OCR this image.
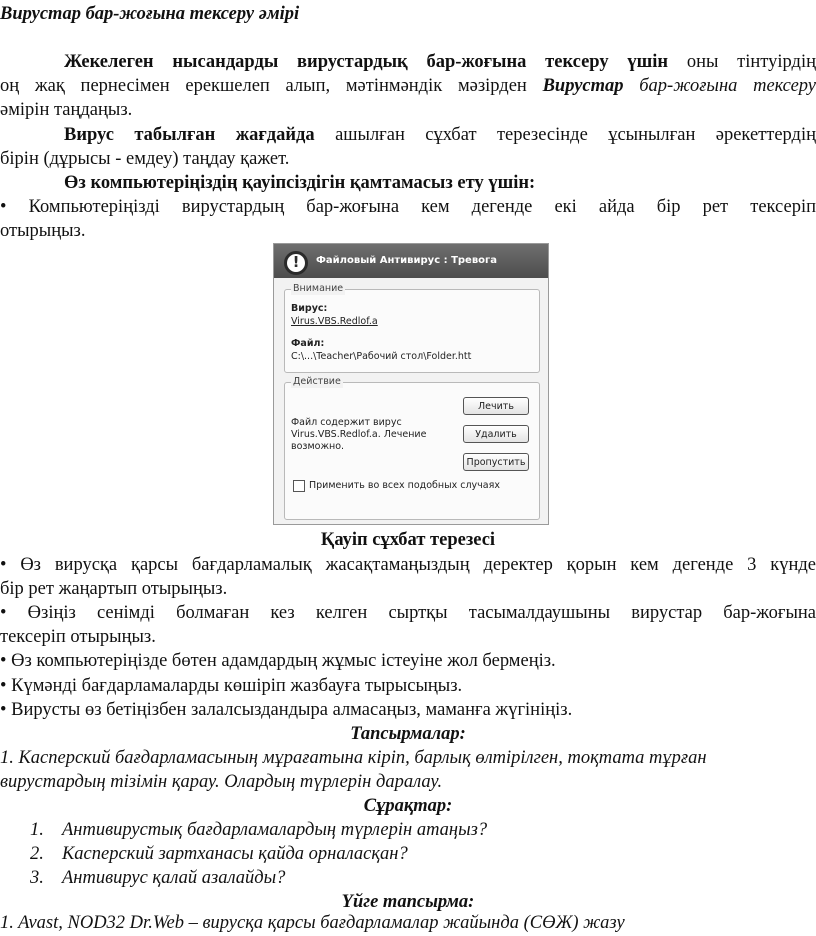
Вирустар бар-жоғына тексеру әмірі
Жекелеген нысандарды вирустардық бар-жоғына тексеру үшін оны тінтуірдің
оң жақ пернесімен ерекшелеп алып, мәтінмәндік мәзірден Вирустар бар-жоғына тексеру
әмірін таңдаңыз.
Вирус табылған жағдайда ашылған сұхбат терезесінде ұсынылған әрекеттердің
бірін (дұрысы - емдеу) таңдау қажет.
Өз компьютеріңіздің қауіпсіздігін қамтамасыз ету үшін:
• Компьютеріңізді вирустардың бар-жоғына кем дегенде екі айда бір рет тексеріп
отырыңыз.
Файловый Антивирус : Тревога
!
Внимание
Вирус:
Virus.VBS.Redlof.a
Файл:
C:\...\Teacher\Рабочий стол\Folder.htt
Действие
Файл содержит вирус
Virus.VBS.Redlof.a. Лечение
возможно.
Лечить
Удалить
Пропустить
Применить во всех подобных случаях
Қауіп сұхбат терезесі
• Өз вирусқа қарсы бағдарламалық жасақтамаңыздың деректер қорын кем дегенде 3 күнде
бір рет жаңартып отырыңыз.
• Өзіңіз сенімді болмаған кез келген сыртқы тасымалдаушыны вирустар бар-жоғына
тексеріп отырыңыз.
• Өз компьютеріңізде бөтен адамдардың жұмыс істеуіне жол бермеңіз.
• Күмәнді бағдарламаларды көшіріп жазбауға тырысыңыз.
• Вирусты өз бетіңізбен залалсыздандыра алмасаңыз, маманға жүгініңіз.
Тапсырмалар:
1. Касперский бағдарламасының мұрағатына кіріп, барлық өлтірілген, тоқтата тұрған
вирустардың тізімін қарау. Олардың түрлерін даралау.
Сұрақтар:
1. Антивирустық бағдарламалардың түрлерін атаңыз?
2. Касперский зартханасы қайда орналасқан?
3. Антивирус қалай азалайды?
Үйге тапсырма:
1. Avast, NOD32 Dr.Web – вирусқа қарсы бағдарламалар жайында (СӨЖ) жазу
